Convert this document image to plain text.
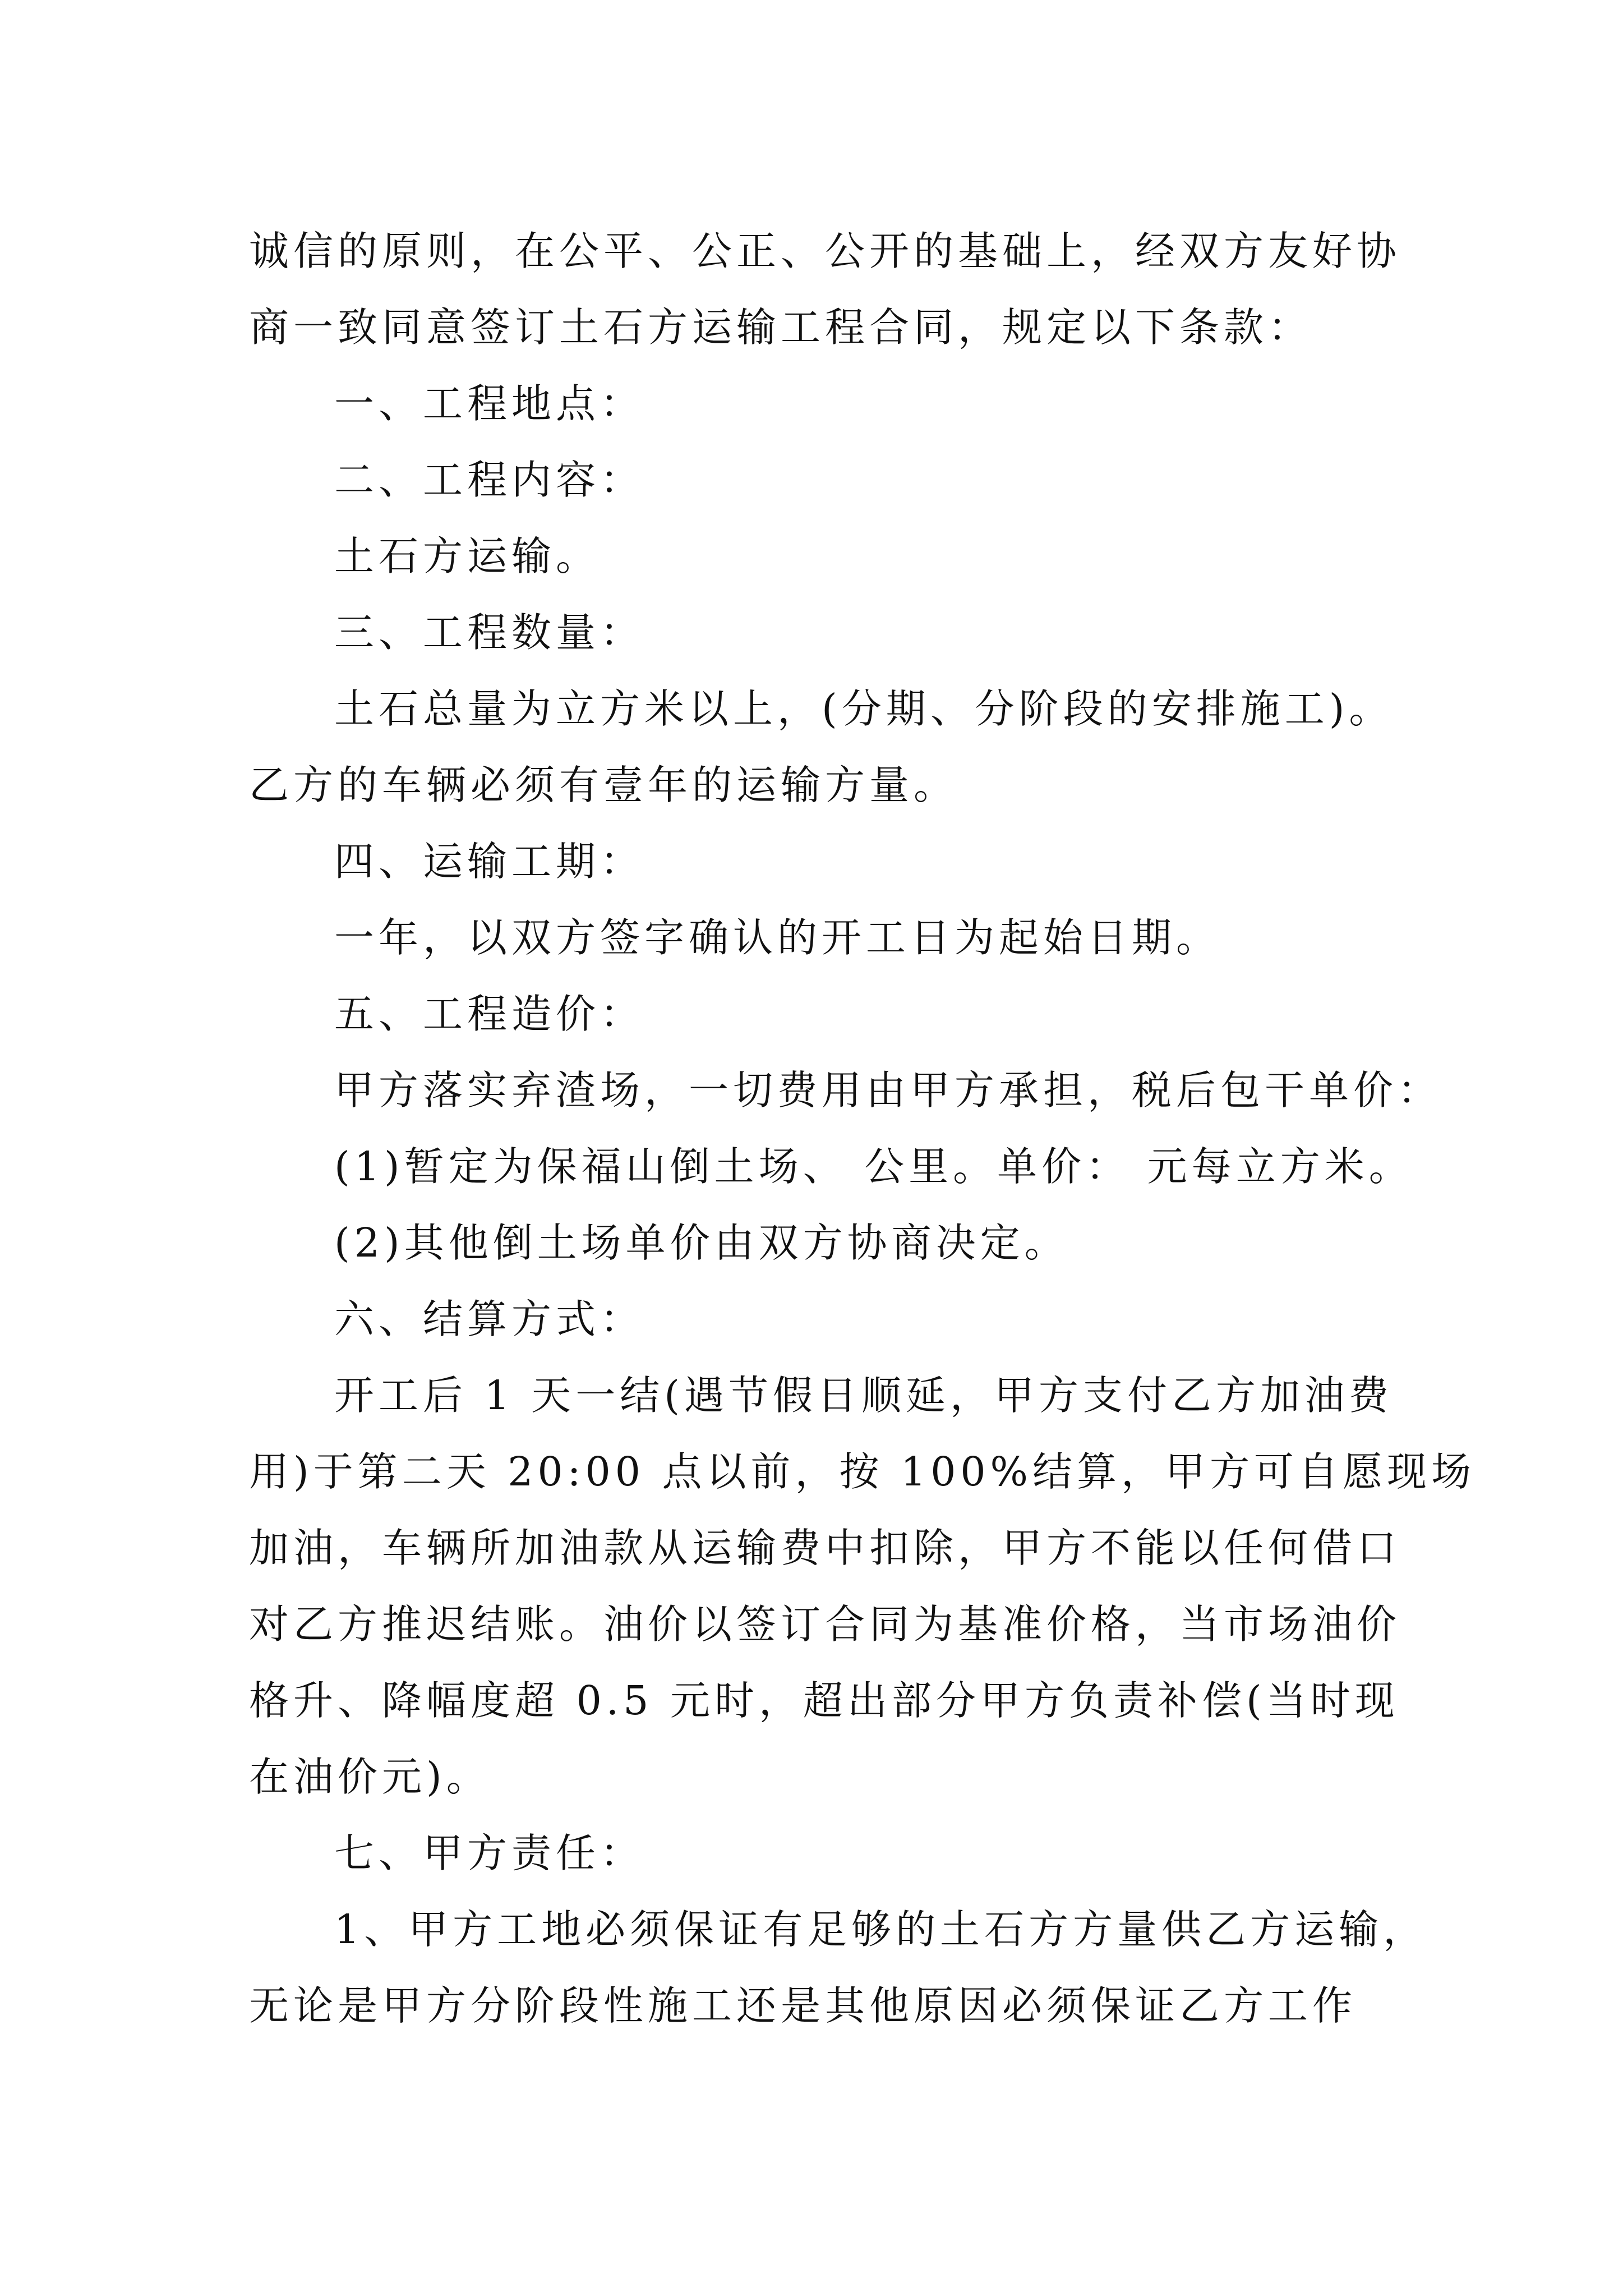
诚信的原则，在公平、公正、公开的基础上，经双方友好协
商一致同意签订土石方运输工程合同，规定以下条款：
一、工程地点：
二、工程内容：
土石方运输。
三、工程数量：
土石总量为立方米以上，(分期、分阶段的安排施工)。
乙方的车辆必须有壹年的运输方量。
四、运输工期：
一年，以双方签字确认的开工日为起始日期。
五、工程造价：
甲方落实弃渣场，一切费用由甲方承担，税后包干单价：
(1)暂定为保福山倒土场、 公里。单价： 元每立方米。
(2)其他倒土场单价由双方协商决定。
六、结算方式：
开工后 1 天一结(遇节假日顺延，甲方支付乙方加油费
用)于第二天 20:00 点以前，按 100%结算，甲方可自愿现场
加油，车辆所加油款从运输费中扣除，甲方不能以任何借口
对乙方推迟结账。油价以签订合同为基准价格，当市场油价
格升、降幅度超 0.5 元时，超出部分甲方负责补偿(当时现
在油价元)。
七、甲方责任：
1、甲方工地必须保证有足够的土石方方量供乙方运输，
无论是甲方分阶段性施工还是其他原因必须保证乙方工作
